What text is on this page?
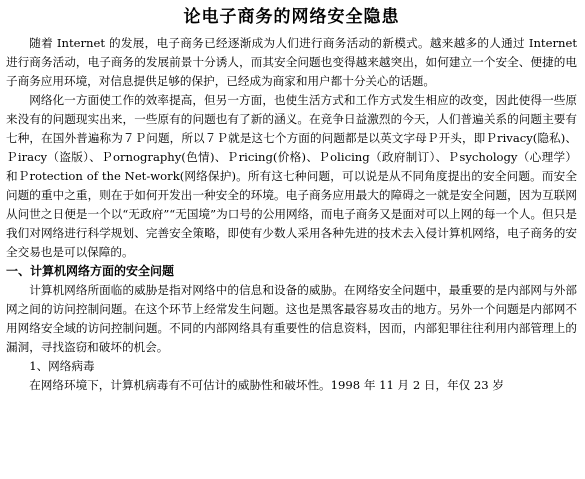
论电子商务的网络安全隐患

随着 Internet 的发展，电子商务已经逐渐成为人们进行商务活动的新模式。越来越多的人通过 Internet 进行商务活动，电子商务的发展前景十分诱人，而其安全问题也变得越来越突出，如何建立一个安全、便捷的电子商务应用环境，对信息提供足够的保护，已经成为商家和用户都十分关心的话题。

网络化一方面使工作的效率提高，但另一方面，也使生活方式和工作方式发生相应的改变，因此使得一些原来没有的问题现实出来，一些原有的问题也有了新的涵义。在竞争日益激烈的今天，人们普遍关系的问题主要有七种，在国外普遍称为７Ｐ问题，所以７Ｐ就是这七个方面的问题都是以英文字母Ｐ开头，即Ｐrivacy(隐私)、Ｐiracy（盗版）、Ｐornography(色情)、Ｐricing(价格)、Ｐolicing（政府制订）、Ｐsychology（心理学）和Ｐrotection of the Net-work(网络保护)。所有这七种问题，可以说是从不同角度提出的安全问题。而安全问题的重中之重，则在于如何开发出一种安全的环境。电子商务应用最大的障碍之一就是安全问题，因为互联网从问世之日便是一个以“无政府”“无国境”为口号的公用网络，而电子商务又是面对可以上网的每一个人。但只是我们对网络进行科学规划、完善安全策略，即使有少数人采用各种先进的技术去入侵计算机网络，电子商务的安全交易也是可以保障的。

一、计算机网络方面的安全问题

计算机网络所面临的威胁是指对网络中的信息和设备的威胁。在网络安全问题中，最重要的是内部网与外部网之间的访问控制问题。在这个环节上经常发生问题。这也是黑客最容易攻击的地方。另外一个问题是内部网不用网络安全域的访问控制问题。不同的内部网络具有重要性的信息资料，因而，内部犯罪往往利用内部管理上的漏洞，寻找盗窃和破坏的机会。

1、网络病毒

在网络环境下，计算机病毒有不可估计的威胁性和破坏性。1998 年 11 月 2 日，年仅 23 岁
